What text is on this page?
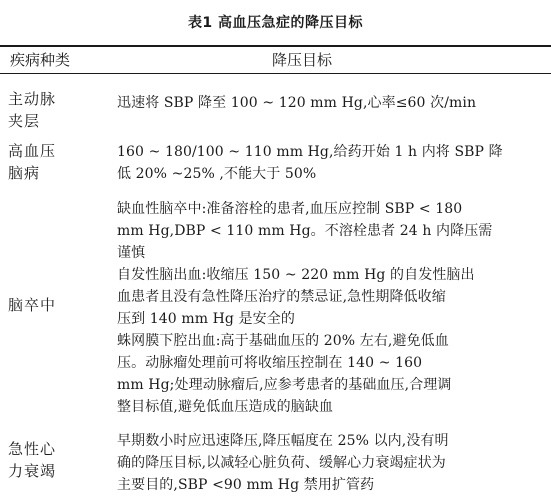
表1 高血压急症的降压目标
疾病种类	降压目标
主动脉
夹层
迅速将 SBP 降至 100 ~ 120 mm Hg,心率≤60 次/min
高血压
脑病
160 ~ 180/100 ~ 110 mm Hg,给药开始 1 h 内将 SBP 降
低 20% ~25% ,不能大于 50%
脑卒中
缺血性脑卒中:准备溶栓的患者,血压应控制 SBP < 180
mm Hg,DBP < 110 mm Hg。不溶栓患者 24 h 内降压需
谨慎
自发性脑出血:收缩压 150 ~ 220 mm Hg 的自发性脑出
血患者且没有急性降压治疗的禁忌证,急性期降低收缩
压到 140 mm Hg 是安全的
蛛网膜下腔出血:高于基础血压的 20% 左右,避免低血
压。动脉瘤处理前可将收缩压控制在 140 ~ 160
mm Hg;处理动脉瘤后,应参考患者的基础血压,合理调
整目标值,避免低血压造成的脑缺血
急性心
力衰竭
早期数小时应迅速降压,降压幅度在 25% 以内,没有明
确的降压目标,以减轻心脏负荷、缓解心力衰竭症状为
主要目的,SBP <90 mm Hg 禁用扩管药
